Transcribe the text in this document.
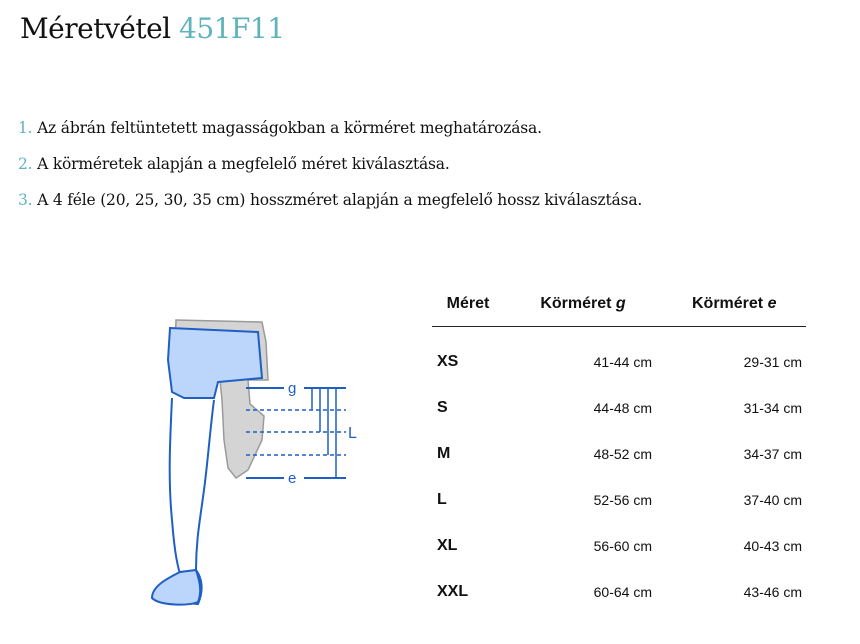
Méretvétel 451F11
1. Az ábrán feltüntetett magasságokban a körméret meghatározása.
2. A körméretek alapján a megfelelő méret kiválasztása.
3. A 4 féle (20, 25, 30, 35 cm) hosszméret alapján a megfelelő hossz kiválasztása.
g
L
e
Méret	Körméret g	Körméret e

XS	41-44 cm	29-31 cm
S	44-48 cm	31-34 cm
M	48-52 cm	34-37 cm
L	52-56 cm	37-40 cm
XL	56-60 cm	40-43 cm
XXL	60-64 cm	43-46 cm
